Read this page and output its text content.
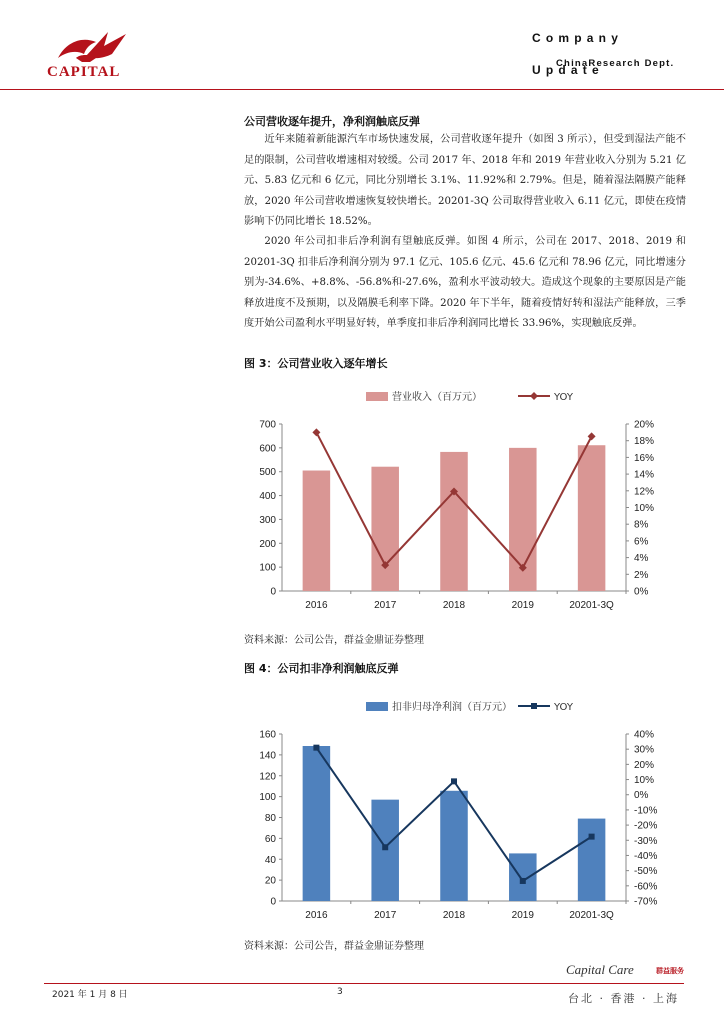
CAPITAL
Company Update
ChinaResearch Dept.
公司营收逐年提升，净利润触底反弹

近年来随着新能源汽车市场快速发展，公司营收逐年提升（如图 3 所示），但受到湿法产能不足的限制，公司营收增速相对较缓。公司 2017 年、2018 年和 2019 年营业收入分别为 5.21 亿元、5.83 亿元和 6 亿元，同比分别增长 3.1%、11.92%和 2.79%。但是，随着湿法隔膜产能释放，2020 年公司营收增速恢复较快增长。20201-3Q 公司取得营业收入 6.11 亿元，即使在疫情影响下仍同比增长 18.52%。

2020 年公司扣非后净利润有望触底反弹。如图 4 所示，公司在 2017、2018、2019 和 20201-3Q 扣非后净利润分别为 97.1 亿元、105.6 亿元、45.6 亿元和 78.96 亿元，同比增速分别为-34.6%、+8.8%、-56.8%和-27.6%，盈利水平波动较大。造成这个现象的主要原因是产能释放进度不及预期，以及隔膜毛利率下降。2020 年下半年，随着疫情好转和湿法产能释放，三季度开始公司盈利水平明显好转，单季度扣非后净利润同比增长 33.96%，实现触底反弹。

图 3：公司营业收入逐年增长
营业收入（百万元）	YOY
0
100
200
300
400
500
600
700
0%
2%
4%
6%
8%
10%
12%
14%
16%
18%
20%
2016	2017	2018	2019	20201-3Q
资料来源：公司公告，群益金鼎证券整理
图 4：公司扣非净利润触底反弹
扣非归母净利润（百万元）	YOY
0
20
40
60
80
100
120
140
160
-70%
-60%
-50%
-40%
-30%
-20%
-10%
0%
10%
20%
30%
40%
2016	2017	2018	2019	20201-3Q
资料来源：公司公告，群益金鼎证券整理
Capital Care	群益服务
2021 年 1 月 8 日	3	台北 · 香港 · 上海
